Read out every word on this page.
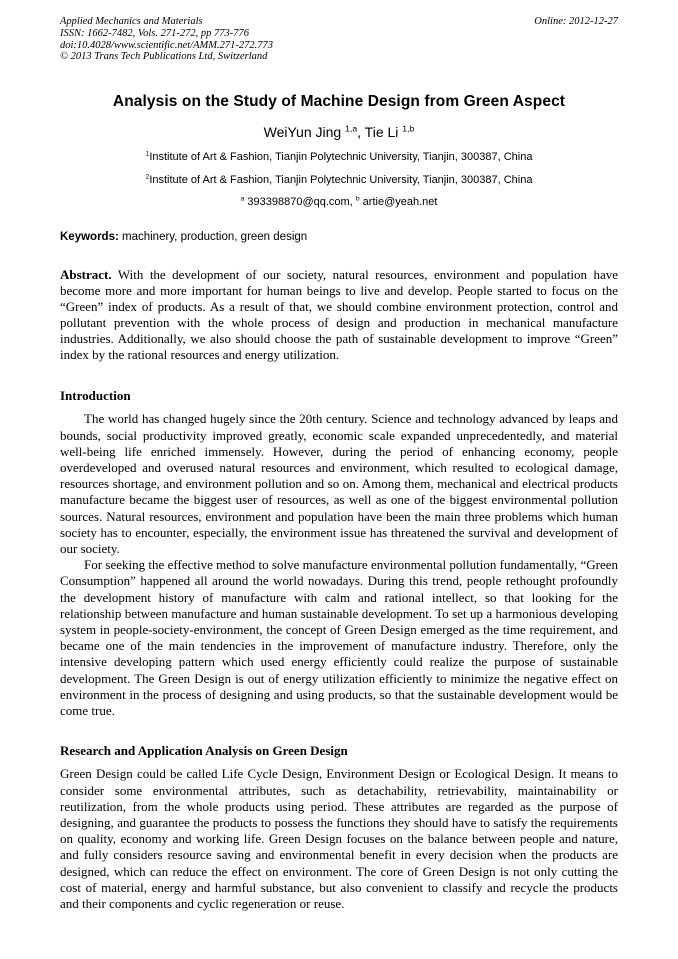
Applied Mechanics and Materials
ISSN: 1662-7482, Vols. 271-272, pp 773-776
doi:10.4028/www.scientific.net/AMM.271-272.773
© 2013 Trans Tech Publications Ltd, Switzerland
Online: 2012-12-27
Analysis on the Study of Machine Design from Green Aspect
WeiYun Jing $^{1,a}$, Tie Li $^{1,b}$
$^1$Institute of Art & Fashion, Tianjin Polytechnic University, Tianjin, 300387, China
$^2$Institute of Art & Fashion, Tianjin Polytechnic University, Tianjin, 300387, China
$^a$ 393398870@qq.com, $^b$ artie@yeah.net
Keywords: machinery, production, green design
Abstract. With the development of our society, natural resources, environment and population have become more and more important for human beings to live and develop. People started to focus on the “Green” index of products. As a result of that, we should combine environment protection, control and pollutant prevention with the whole process of design and production in mechanical manufacture industries. Additionally, we also should choose the path of sustainable development to improve “Green” index by the rational resources and energy utilization.
Introduction

The world has changed hugely since the 20th century. Science and technology advanced by leaps and bounds, social productivity improved greatly, economic scale expanded unprecedentedly, and material well-being life enriched immensely. However, during the period of enhancing economy, people overdeveloped and overused natural resources and environment, which resulted to ecological damage, resources shortage, and environment pollution and so on. Among them, mechanical and electrical products manufacture became the biggest user of resources, as well as one of the biggest environmental pollution sources. Natural resources, environment and population have been the main three problems which human society has to encounter, especially, the environment issue has threatened the survival and development of our society.

For seeking the effective method to solve manufacture environmental pollution fundamentally, “Green Consumption” happened all around the world nowadays. During this trend, people rethought profoundly the development history of manufacture with calm and rational intellect, so that looking for the relationship between manufacture and human sustainable development. To set up a harmonious developing system in people-society-environment, the concept of Green Design emerged as the time requirement, and became one of the main tendencies in the improvement of manufacture industry. Therefore, only the intensive developing pattern which used energy efficiently could realize the purpose of sustainable development. The Green Design is out of energy utilization efficiently to minimize the negative effect on environment in the process of designing and using products, so that the sustainable development would be come true.

Research and Application Analysis on Green Design

Green Design could be called Life Cycle Design, Environment Design or Ecological Design. It means to consider some environmental attributes, such as detachability, retrievability, maintainability or reutilization, from the whole products using period. These attributes are regarded as the purpose of designing, and guarantee the products to possess the functions they should have to satisfy the requirements on quality, economy and working life. Green Design focuses on the balance between people and nature, and fully considers resource saving and environmental benefit in every decision when the products are designed, which can reduce the effect on environment. The core of Green Design is not only cutting the cost of material, energy and harmful substance, but also convenient to classify and recycle the products and their components and cyclic regeneration or reuse.
